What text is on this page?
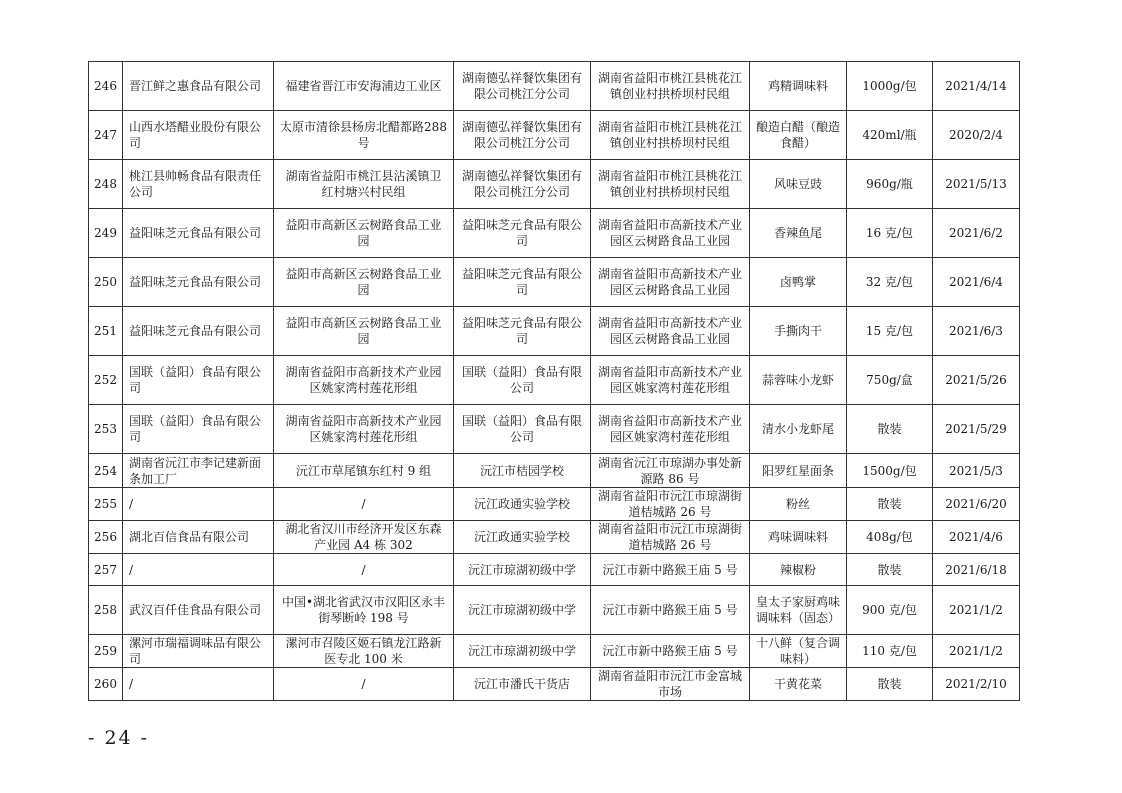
246	晋江鲜之惠食品有限公司	福建省晋江市安海浦边工业区	湖南德弘祥餐饮集团有限公司桃江分公司	湖南省益阳市桃江县桃花江镇创业村拱桥坝村民组	鸡精调味料	1000g/包	2021/4/14
247	山西水塔醋业股份有限公司	太原市清徐县杨房北醋都路288号	湖南德弘祥餐饮集团有限公司桃江分公司	湖南省益阳市桃江县桃花江镇创业村拱桥坝村民组	酿造白醋（酿造食醋）	420ml/瓶	2020/2/4
248	桃江县帅畅食品有限责任公司	湖南省益阳市桃江县沾溪镇卫红村塘兴村民组	湖南德弘祥餐饮集团有限公司桃江分公司	湖南省益阳市桃江县桃花江镇创业村拱桥坝村民组	风味豆豉	960g/瓶	2021/5/13
249	益阳味芝元食品有限公司	益阳市高新区云树路食品工业园	益阳味芝元食品有限公司	湖南省益阳市高新技术产业园区云树路食品工业园	香辣鱼尾	16 克/包	2021/6/2
250	益阳味芝元食品有限公司	益阳市高新区云树路食品工业园	益阳味芝元食品有限公司	湖南省益阳市高新技术产业园区云树路食品工业园	卤鸭掌	32 克/包	2021/6/4
251	益阳味芝元食品有限公司	益阳市高新区云树路食品工业园	益阳味芝元食品有限公司	湖南省益阳市高新技术产业园区云树路食品工业园	手撕肉干	15 克/包	2021/6/3
252	国联（益阳）食品有限公司	湖南省益阳市高新技术产业园区姚家湾村莲花形组	国联（益阳）食品有限公司	湖南省益阳市高新技术产业园区姚家湾村莲花形组	蒜蓉味小龙虾	750g/盒	2021/5/26
253	国联（益阳）食品有限公司	湖南省益阳市高新技术产业园区姚家湾村莲花形组	国联（益阳）食品有限公司	湖南省益阳市高新技术产业园区姚家湾村莲花形组	清水小龙虾尾	散装	2021/5/29
254	湖南省沅江市李记建新面条加工厂	沅江市草尾镇东红村 9 组	沅江市桔园学校	湖南省沅江市琼湖办事处新源路 86 号	阳罗红星面条	1500g/包	2021/5/3
255	/	/	沅江政通实验学校	湖南省益阳市沅江市琼湖街道桔城路 26 号	粉丝	散装	2021/6/20
256	湖北百信食品有限公司	湖北省汉川市经济开发区东森产业园 A4 栋 302	沅江政通实验学校	湖南省益阳市沅江市琼湖街道桔城路 26 号	鸡味调味料	408g/包	2021/4/6
257	/	/	沅江市琼湖初级中学	沅江市新中路猴王庙 5 号	辣椒粉	散装	2021/6/18
258	武汉百仟佳食品有限公司	中国•湖北省武汉市汉阳区永丰街琴断岭 198 号	沅江市琼湖初级中学	沅江市新中路猴王庙 5 号	皇太子家厨鸡味调味料（固态）	900 克/包	2021/1/2
259	漯河市瑞福调味品有限公司	漯河市召陵区姬石镇龙江路新医专北 100 米	沅江市琼湖初级中学	沅江市新中路猴王庙 5 号	十八鲜（复合调味料）	110 克/包	2021/1/2
260	/	/	沅江市潘氏干货店	湖南省益阳市沅江市金富城市场	干黄花菜	散装	2021/2/10
- 24 -
